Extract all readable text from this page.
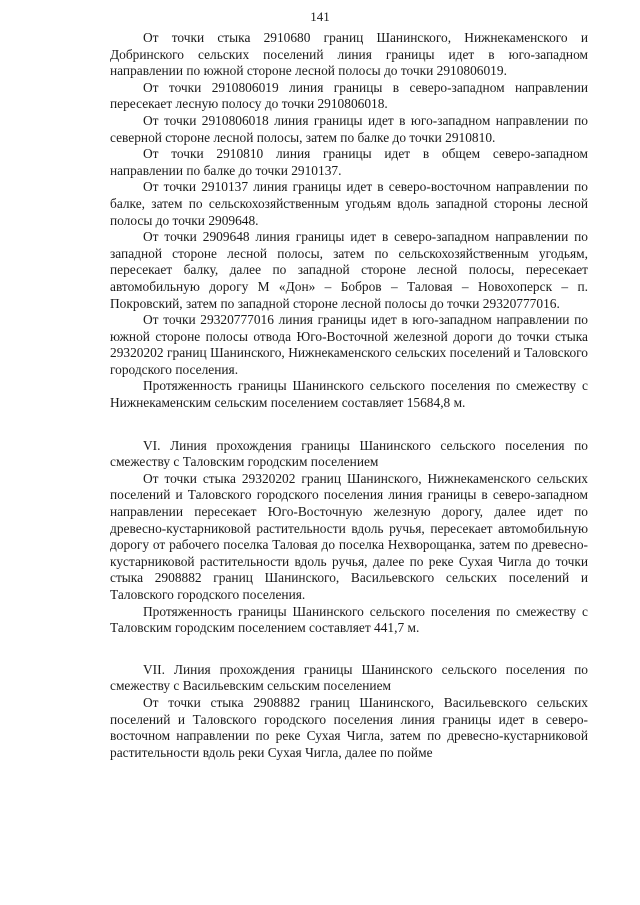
141

От точки стыка 2910680 границ Шанинского, Нижнекаменского и Добринского сельских поселений линия границы идет в юго-западном направлении по южной стороне лесной полосы до точки 2910806019.

От точки 2910806019 линия границы в северо-западном направлении пересекает лесную полосу до точки 2910806018.

От точки 2910806018 линия границы идет в юго-западном направлении по северной стороне лесной полосы, затем по балке до точки 2910810.

От точки 2910810 линия границы идет в общем северо-западном направлении по балке до точки 2910137.

От точки 2910137 линия границы идет в северо-восточном направлении по балке, затем по сельскохозяйственным угодьям вдоль западной стороны лесной полосы до точки 2909648.

От точки 2909648 линия границы идет в северо-западном направлении по западной стороне лесной полосы, затем по сельскохозяйственным угодьям, пересекает балку, далее по западной стороне лесной полосы, пересекает автомобильную дорогу М «Дон» – Бобров – Таловая – Новохоперск – п. Покровский, затем по западной стороне лесной полосы до точки 29320777016.

От точки 29320777016 линия границы идет в юго-западном направлении по южной стороне полосы отвода Юго-Восточной железной дороги до точки стыка 29320202 границ Шанинского, Нижнекаменского сельских поселений и Таловского городского поселения.

Протяженность границы Шанинского сельского поселения по смежеству с Нижнекаменским сельским поселением составляет 15684,8 м.

VI. Линия прохождения границы Шанинского сельского поселения по смежеству с Таловским городским поселением

От точки стыка 29320202 границ Шанинского, Нижнекаменского сельских поселений и Таловского городского поселения линия границы в северо-западном направлении пересекает Юго-Восточную железную дорогу, далее идет по древесно-кустарниковой растительности вдоль ручья, пересекает автомобильную дорогу от рабочего поселка Таловая до поселка Нехворощанка, затем по древесно-кустарниковой растительности вдоль ручья, далее по реке Сухая Чигла до точки стыка 2908882 границ Шанинского, Васильевского сельских поселений и Таловского городского поселения.

Протяженность границы Шанинского сельского поселения по смежеству с Таловским городским поселением составляет 441,7 м.

VII. Линия прохождения границы Шанинского сельского поселения по смежеству с Васильевским сельским поселением

От точки стыка 2908882 границ Шанинского, Васильевского сельских поселений и Таловского городского поселения линия границы идет в северо-восточном направлении по реке Сухая Чигла, затем по древесно-кустарниковой растительности вдоль реки Сухая Чигла, далее по пойме
